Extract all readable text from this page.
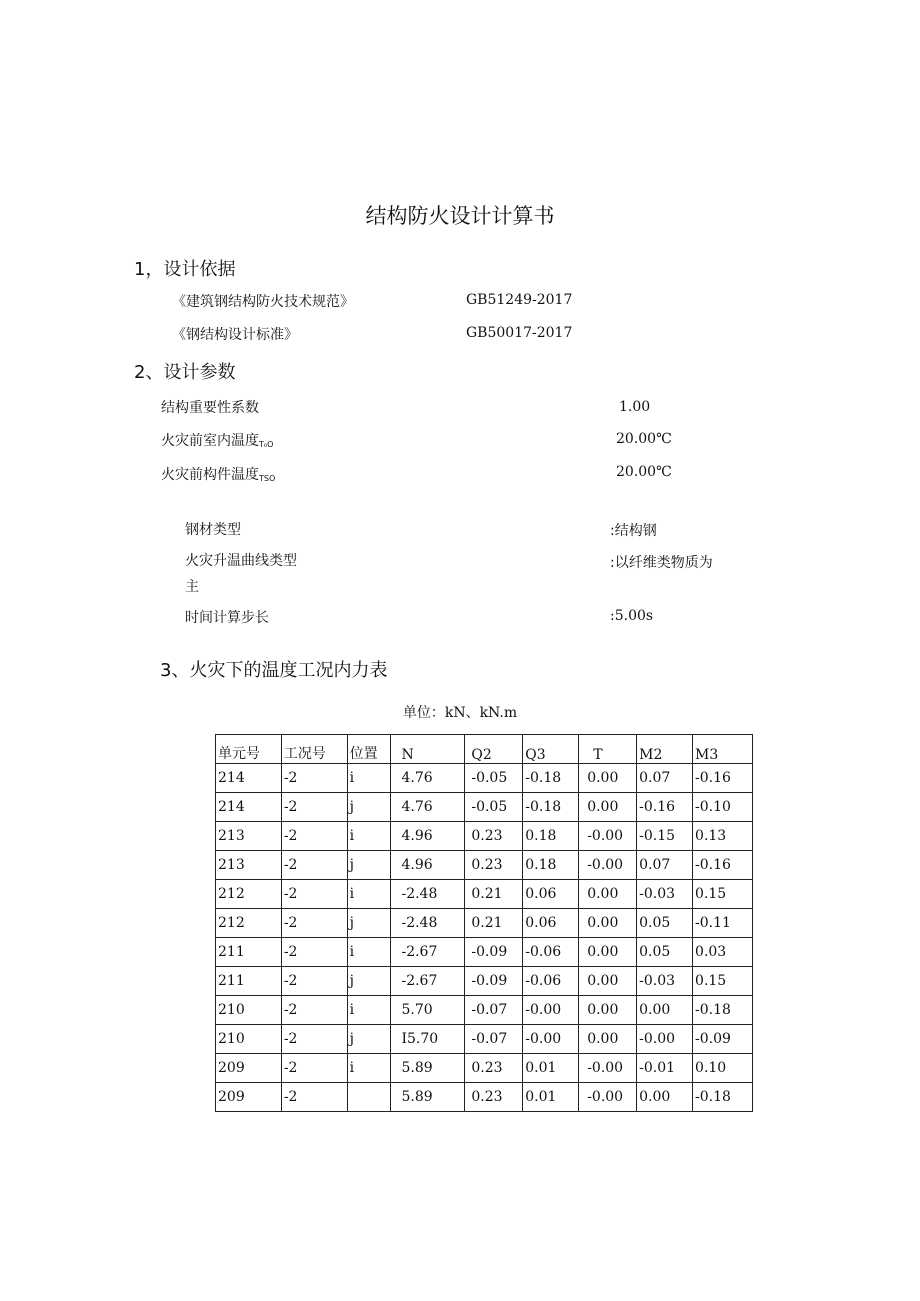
结构防火设计计算书
1，设计依据
《建筑钢结构防火技术规范》	GB51249-2017
《钢结构设计标准》	GB50017-2017
2、设计参数
结构重要性系数	1.00
火灾前室内温度$_{T_0O}$	20.00℃
火灾前构件温度$_{TSO}$	20.00℃
钢材类型	:结构钢
火灾升温曲线类型	:以纤维类物质为
主
时间计算步长	:5.00s
3、火灾下的温度工况内力表
单位：kN、kN.m
单元号	工况号	位置	N	Q2	Q3	T	M2	M3
214	-2	i	4.76	-0.05	-0.18	0.00	0.07	-0.16
214	-2	j	4.76	-0.05	-0.18	0.00	-0.16	-0.10
213	-2	i	4.96	0.23	0.18	-0.00	-0.15	0.13
213	-2	j	4.96	0.23	0.18	-0.00	0.07	-0.16
212	-2	i	-2.48	0.21	0.06	0.00	-0.03	0.15
212	-2	j	-2.48	0.21	0.06	0.00	0.05	-0.11
211	-2	i	-2.67	-0.09	-0.06	0.00	0.05	0.03
211	-2	j	-2.67	-0.09	-0.06	0.00	-0.03	0.15
210	-2	i	5.70	-0.07	-0.00	0.00	0.00	-0.18
210	-2	j	I5.70	-0.07	-0.00	0.00	-0.00	-0.09
209	-2	i	5.89	0.23	0.01	-0.00	-0.01	0.10
209	-2		5.89	0.23	0.01	-0.00	0.00	-0.18
